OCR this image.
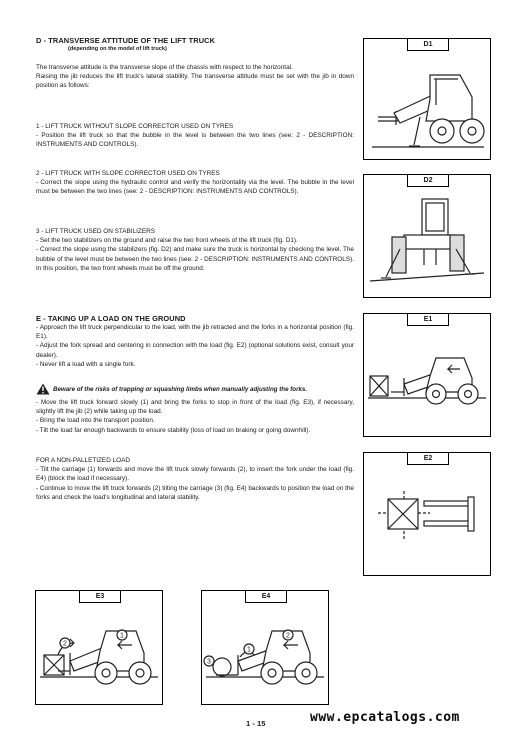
D - TRANSVERSE ATTITUDE OF THE LIFT TRUCK
(depending on the model of lift truck)
The transverse attitude is the transverse slope of the chassis with respect to the horizontal.
Raising the jib reduces the lift truck's lateral stability. The transverse attitude must be set with the jib in down position as follows:
1 - LIFT TRUCK WITHOUT SLOPE CORRECTOR USED ON TYRES
- Position the lift truck so that the bubble in the level is between the two lines (see: 2 - DESCRIPTION: INSTRUMENTS AND CONTROLS).
2 - LIFT TRUCK WITH SLOPE CORRECTOR USED ON TYRES
- Correct the slope using the hydraulic control and verify the horizontality via the level. The bubble in the level must be between the two lines (see: 2 - DESCRIPTION: INSTRUMENTS AND CONTROLS).
3 - LIFT TRUCK USED ON STABILIZERS
- Set the two stabilizers on the ground and raise the two front wheels of the lift truck (fig. D1).
- Correct the slope using the stabilizers (fig. D2) and make sure the truck is horizontal by checking the level. The bubble of the level must be between the two lines (see: 2 - DESCRIPTION: INSTRUMENTS AND CONTROLS). In this position, the two front wheels must be off the ground.
E - TAKING UP A LOAD ON THE GROUND
- Approach the lift truck perpendicular to the load, with the jib retracted and the forks in a horizontal position (fig. E1).
- Adjust the fork spread and centering in connection with the load (fig. E2) (optional solutions exist, consult your dealer).
- Never lift a load with a single fork.
Beware of the risks of trapping or squashing limbs when manually adjusting the forks.
- Move the lift truck forward slowly (1) and bring the forks to stop in front of the load (fig. E3), if necessary, slightly lift the jib (2) while taking up the load.
- Bring the load into the transport position.
- Tilt the load far enough backwards to ensure stability (loss of load on braking or going downhill).
FOR A NON-PALLETIZED LOAD
- Tilt the carriage (1) forwards and move the lift truck slowly forwards (2), to insert the fork under the load (fig. E4) (block the load if necessary).
- Continue to move the lift truck forwards (2) tilting the carriage (3) (fig. E4) backwards to position the load on the forks and check the load's longitudinal and lateral stability.
D1
D2
E1
E2
E3
1
2
E4
2
3
1
1 - 15	www.epcatalogs.com
